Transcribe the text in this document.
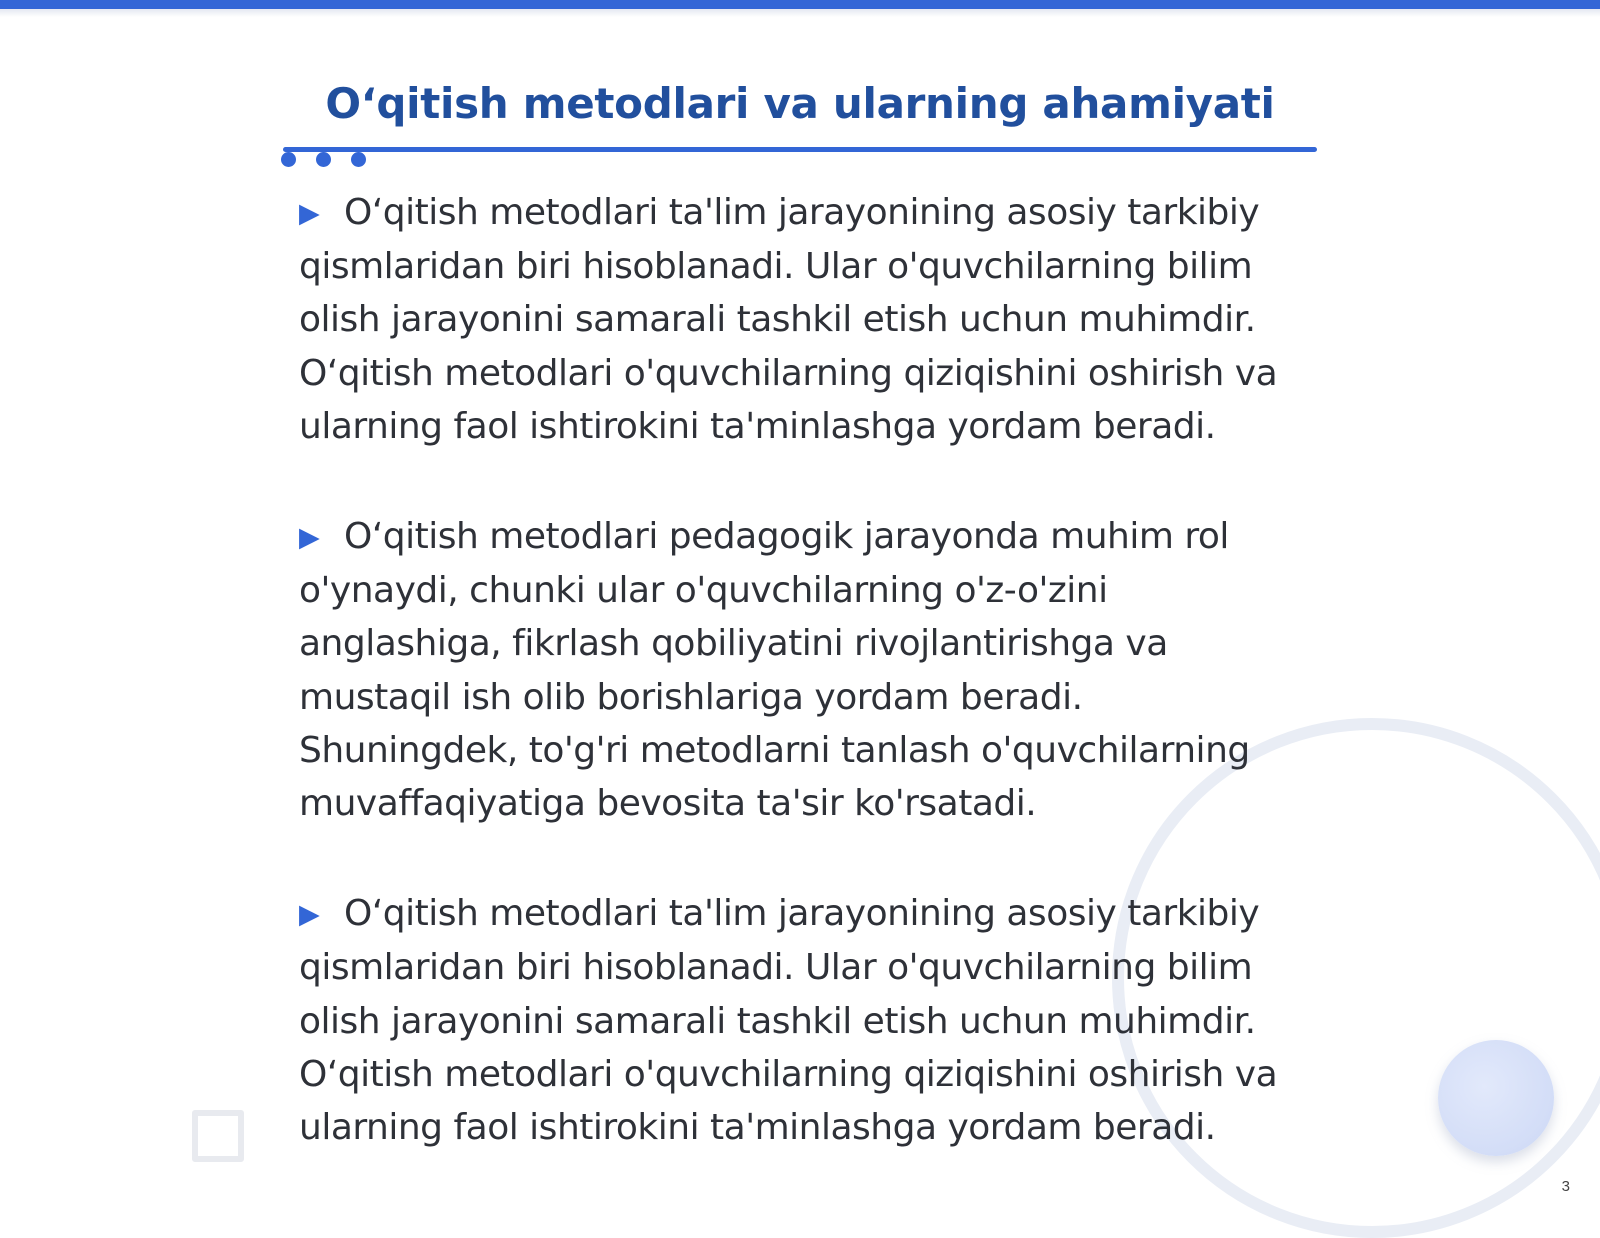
O‘qitish metodlari va ularning ahamiyati

▶ O‘qitish metodlari ta'lim jarayonining asosiy tarkibiy qismlaridan biri hisoblanadi. Ular o'quvchilarning bilim olish jarayonini samarali tashkil etish uchun muhimdir. O‘qitish metodlari o'quvchilarning qiziqishini oshirish va ularning faol ishtirokini ta'minlashga yordam beradi.

▶ O‘qitish metodlari pedagogik jarayonda muhim rol o'ynaydi, chunki ular o'quvchilarning o'z-o'zini anglashiga, fikrlash qobiliyatini rivojlantirishga va mustaqil ish olib borishlariga yordam beradi. Shuningdek, to'g'ri metodlarni tanlash o'quvchilarning muvaffaqiyatiga bevosita ta'sir ko'rsatadi.

▶ O‘qitish metodlari ta'lim jarayonining asosiy tarkibiy qismlaridan biri hisoblanadi. Ular o'quvchilarning bilim olish jarayonini samarali tashkil etish uchun muhimdir. O‘qitish metodlari o'quvchilarning qiziqishini oshirish va ularning faol ishtirokini ta'minlashga yordam beradi.

3
